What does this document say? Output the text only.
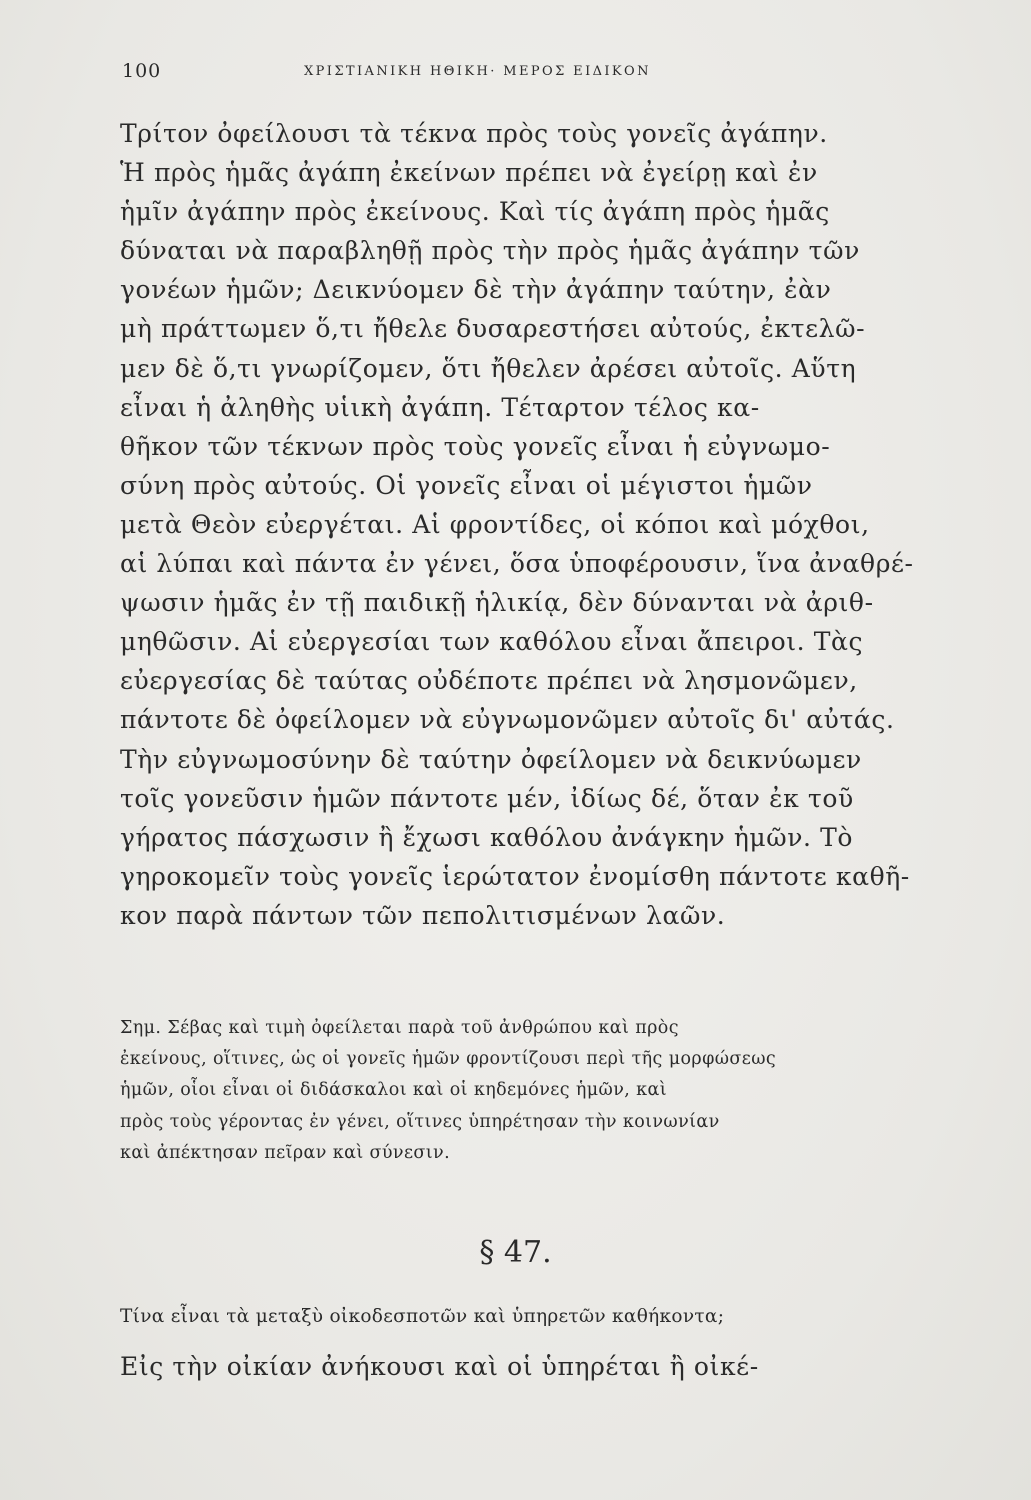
100	ΧΡΙΣΤΙΑΝΙΚΗ ΗΘΙΚΗ· ΜΕΡΟΣ ΕΙΔΙΚΟΝ
Τρίτον ὀφείλουσι τὰ τέκνα πρὸς τοὺς γονεῖς ἀγάπην.
Ἡ πρὸς ἡμᾶς ἀγάπη ἐκείνων πρέπει νὰ ἐγείρῃ καὶ ἐν
ἡμῖν ἀγάπην πρὸς ἐκείνους. Καὶ τίς ἀγάπη πρὸς ἡμᾶς
δύναται νὰ παραβληθῇ πρὸς τὴν πρὸς ἡμᾶς ἀγάπην τῶν
γονέων ἡμῶν; Δεικνύομεν δὲ τὴν ἀγάπην ταύτην, ἐὰν
μὴ πράττωμεν ὅ,τι ἤθελε δυσαρεστήσει αὐτούς, ἐκτελῶ-
μεν δὲ ὅ,τι γνωρίζομεν, ὅτι ἤθελεν ἀρέσει αὐτοῖς. Αὕτη
εἶναι ἡ ἀληθὴς υἱικὴ ἀγάπη. Τέταρτον τέλος κα-
θῆκον τῶν τέκνων πρὸς τοὺς γονεῖς εἶναι ἡ εὐγνωμο-
σύνη πρὸς αὐτούς. Οἱ γονεῖς εἶναι οἱ μέγιστοι ἡμῶν
μετὰ Θεὸν εὐεργέται. Αἱ φροντίδες, οἱ κόποι καὶ μόχθοι,
αἱ λύπαι καὶ πάντα ἐν γένει, ὅσα ὑποφέρουσιν, ἵνα ἀναθρέ-
ψωσιν ἡμᾶς ἐν τῇ παιδικῇ ἡλικίᾳ, δὲν δύνανται νὰ ἀριθ-
μηθῶσιν. Αἱ εὐεργεσίαι των καθόλου εἶναι ἄπειροι. Τὰς
εὐεργεσίας δὲ ταύτας οὐδέποτε πρέπει νὰ λησμονῶμεν,
πάντοτε δὲ ὀφείλομεν νὰ εὐγνωμονῶμεν αὐτοῖς δι' αὐτάς.
Τὴν εὐγνωμοσύνην δὲ ταύτην ὀφείλομεν νὰ δεικνύωμεν
τοῖς γονεῦσιν ἡμῶν πάντοτε μέν, ἰδίως δέ, ὅταν ἐκ τοῦ
γήρατος πάσχωσιν ἢ ἔχωσι καθόλου ἀνάγκην ἡμῶν. Τὸ
γηροκομεῖν τοὺς γονεῖς ἱερώτατον ἐνομίσθη πάντοτε καθῆ-
κον παρὰ πάντων τῶν πεπολιτισμένων λαῶν.
Σημ. Σέβας καὶ τιμὴ ὀφείλεται παρὰ τοῦ ἀνθρώπου καὶ πρὸς
ἐκείνους, οἵτινες, ὡς οἱ γονεῖς ἡμῶν φροντίζουσι περὶ τῆς μορφώσεως
ἡμῶν, οἷοι εἶναι οἱ διδάσκαλοι καὶ οἱ κηδεμόνες ἡμῶν, καὶ
πρὸς τοὺς γέροντας ἐν γένει, οἵτινες ὑπηρέτησαν τὴν κοινωνίαν
καὶ ἀπέκτησαν πεῖραν καὶ σύνεσιν.
§ 47.
Τίνα εἶναι τὰ μεταξὺ οἰκοδεσποτῶν καὶ ὑπηρετῶν καθήκοντα;
Εἰς τὴν οἰκίαν ἀνήκουσι καὶ οἱ ὑπηρέται ἢ οἰκέ-
